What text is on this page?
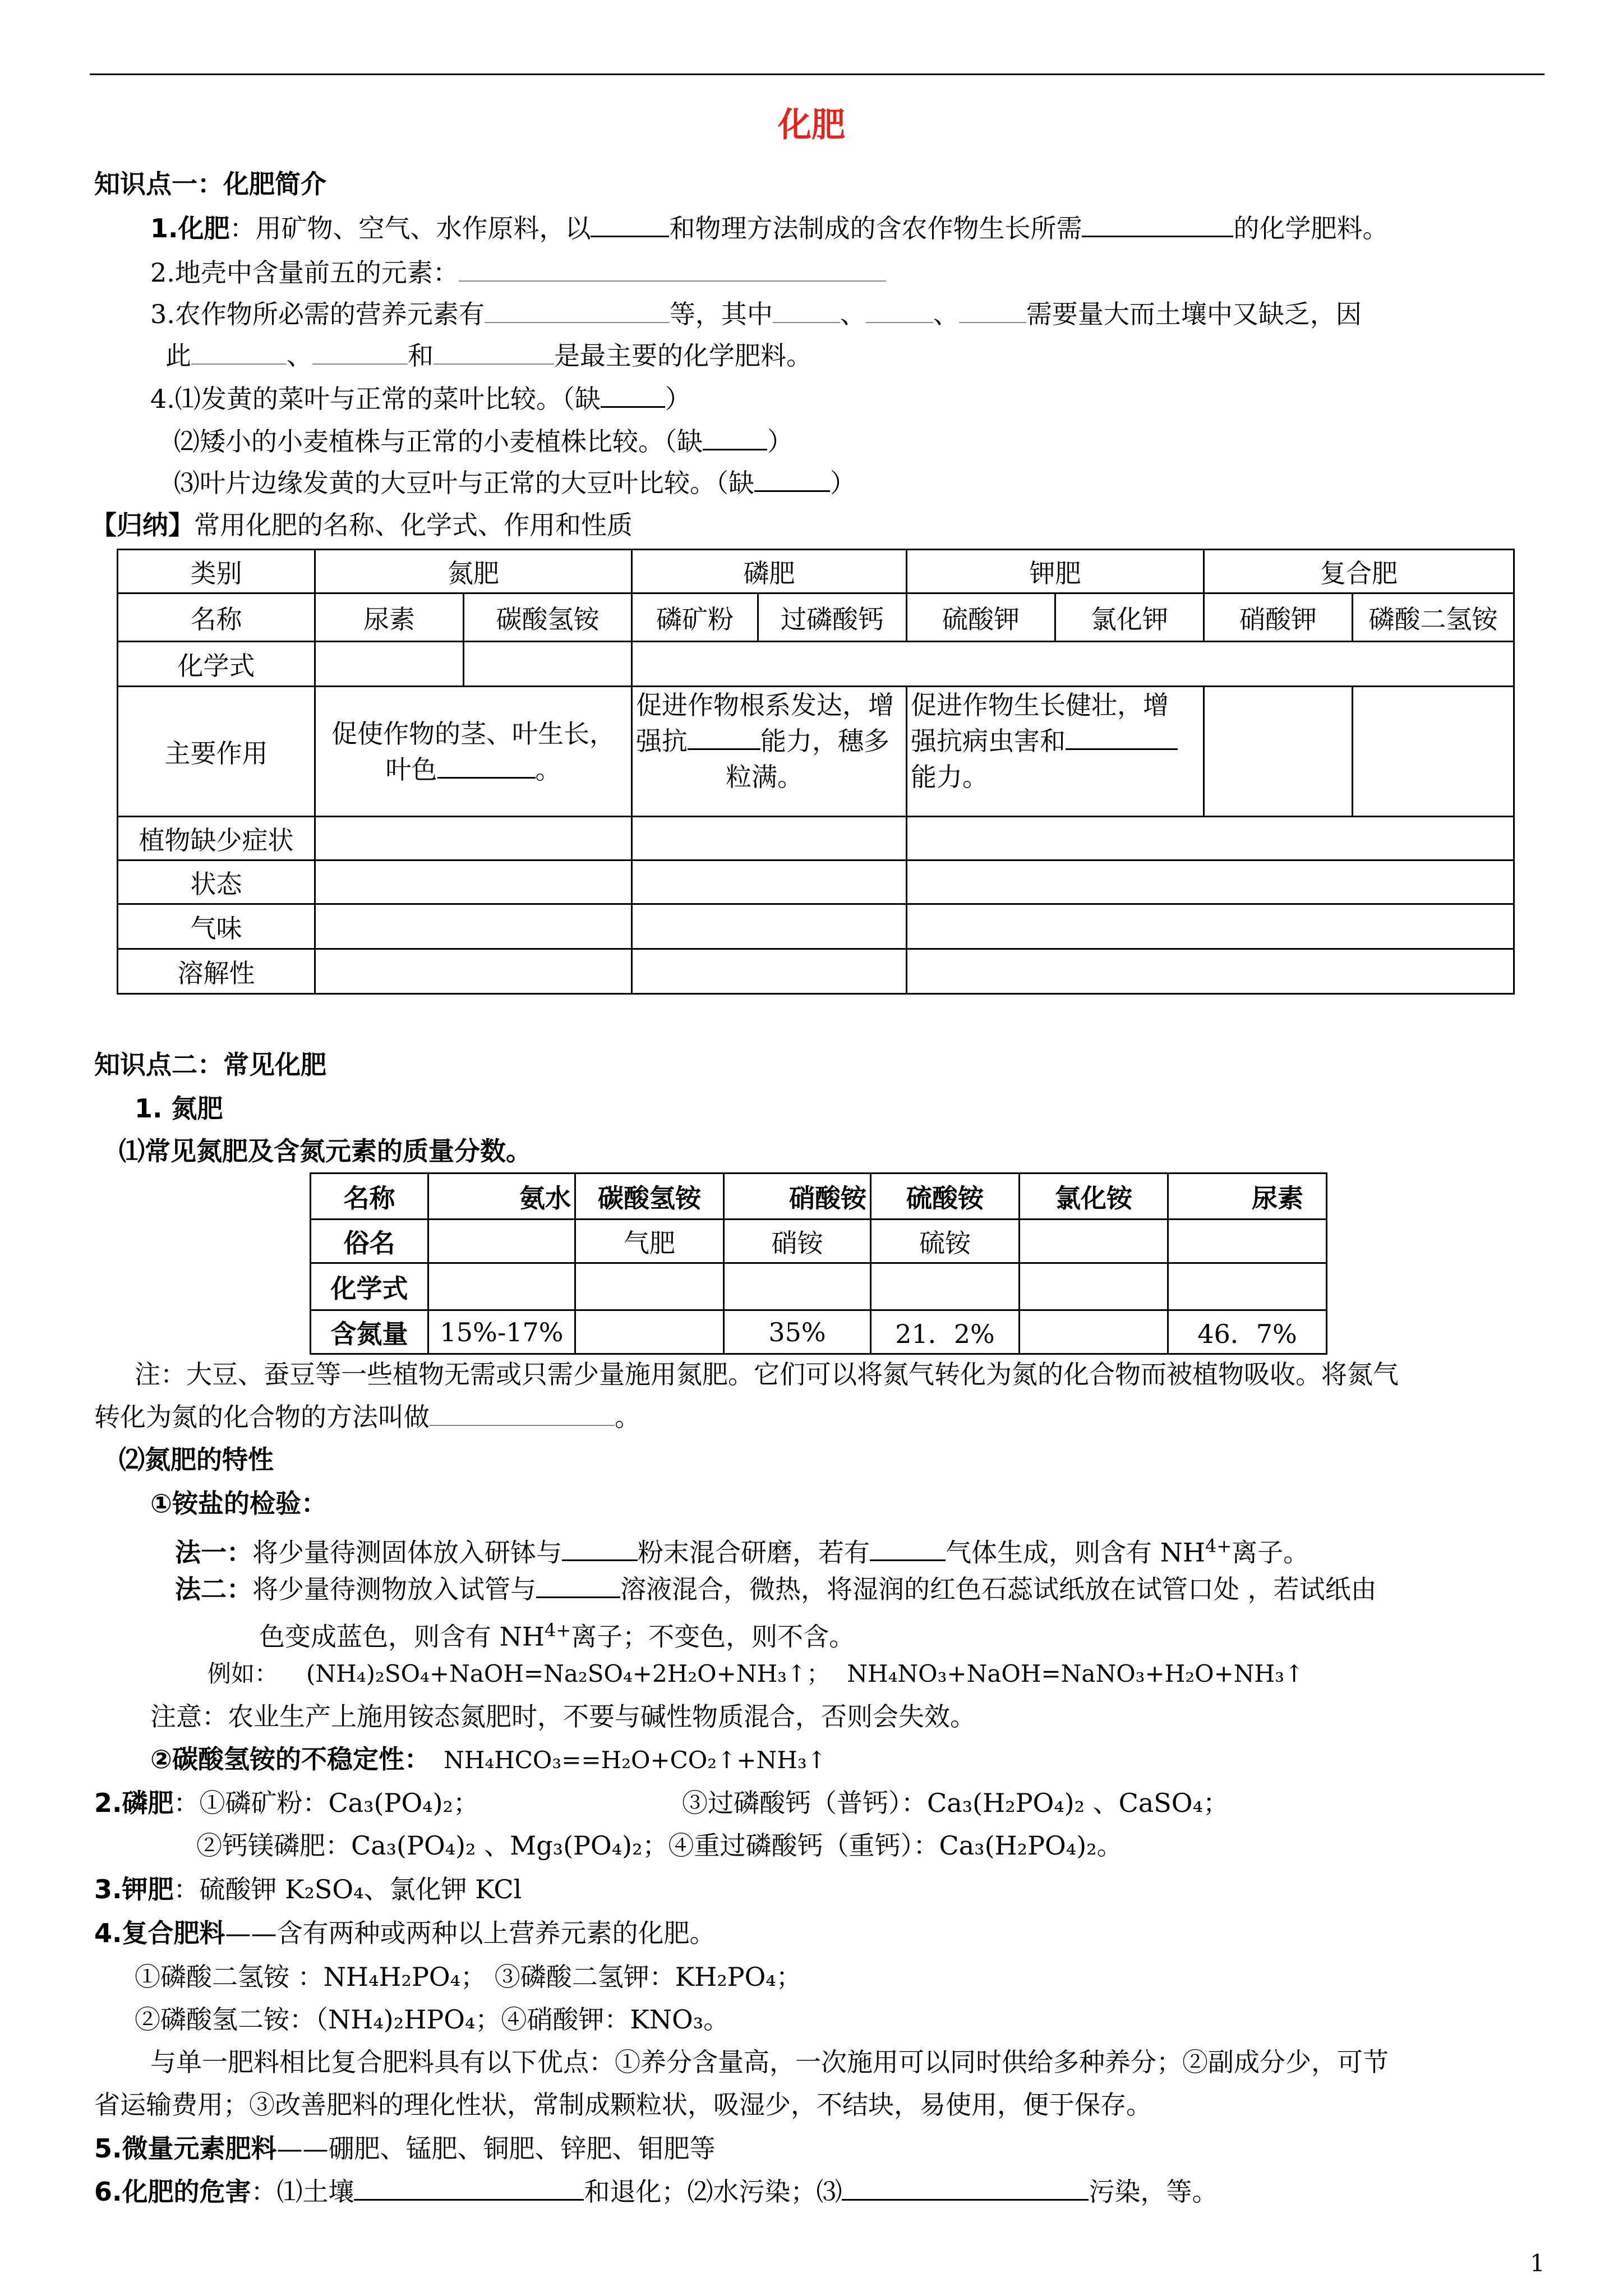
化肥
知识点一：化肥简介
1.化肥：用矿物、空气、水作原料，以	和物理方法制成的含农作物生长所需	的化学肥料。
2.地壳中含量前五的元素：
3.农作物所必需的营养元素有	等，其中	、	、	需要量大而土壤中又缺乏，因
此	、	和	是最主要的化学肥料。
4.⑴发黄的菜叶与正常的菜叶比较。（缺	）
⑵矮小的小麦植株与正常的小麦植株比较。（缺	）
⑶叶片边缘发黄的大豆叶与正常的大豆叶比较。（缺	）
【归纳】常用化肥的名称、化学式、作用和性质
类别	氮肥		磷肥		钾肥		复合肥		
名称	尿素	碳酸氢铵	磷矿粉	过磷酸钙	硫酸钾	氯化钾	硝酸钾	磷酸二氢铵	
化学式									
主要作用	促使作物的茎、叶生长，
叶色 。		促进作物根系发达，增
强抗 能力，穗多
粒满。		促进作物生长健壮，增
强抗病虫害和
能力。				
植物缺少症状									
状态									
气味									
溶解性									
知识点二：常见化肥
1. 氮肥
⑴常见氮肥及含氮元素的质量分数。
名称	氨水	碳酸氢铵	硝酸铵	硫酸铵	氯化铵	尿素
俗名		气肥	硝铵	硫铵		
化学式						
含氮量	15%-17%		35%	21．2%		46．7%
注：大豆、蚕豆等一些植物无需或只需少量施用氮肥。它们可以将氮气转化为氮的化合物而被植物吸收。将氮气
转化为氮的化合物的方法叫做	。
⑵氮肥的特性
①铵盐的检验：
法一：将少量待测固体放入研钵与	粉末混合研磨，若有	气体生成，则含有 $NH^{4+}$离子。
法二：将少量待测物放入试管与	溶液混合，微热，将湿润的红色石蕊试纸放在试管口处 ，若试纸由
色变成蓝色，则含有 $NH^{4+}$离子；不变色，则不含。
例如： (NH₄)₂SO₄+NaOH=Na₂SO₄+2H₂O+NH₃↑； NH₄NO₃+NaOH=NaNO₃+H₂O+NH₃↑
注意：农业生产上施用铵态氮肥时，不要与碱性物质混合，否则会失效。
②碳酸氢铵的不稳定性： NH₄HCO₃==H₂O+CO₂↑+NH₃↑
2.磷肥：①磷矿粉：Ca₃(PO₄)₂；	③过磷酸钙（普钙）：Ca₃(H₂PO₄)₂ 、CaSO₄；
②钙镁磷肥：Ca₃(PO₄)₂ 、Mg₃(PO₄)₂；④重过磷酸钙（重钙）：Ca₃(H₂PO₄)₂。
3.钾肥：硫酸钾 K₂SO₄、氯化钾 KCl
4.复合肥料——含有两种或两种以上营养元素的化肥。
①磷酸二氢铵 ：NH₄H₂PO₄； ③磷酸二氢钾：KH₂PO₄；
②磷酸氢二铵：（NH₄)₂HPO₄；④硝酸钾：KNO₃。
与单一肥料相比复合肥料具有以下优点：①养分含量高，一次施用可以同时供给多种养分；②副成分少，可节
省运输费用；③改善肥料的理化性状，常制成颗粒状，吸湿少，不结块，易使用，便于保存。
5.微量元素肥料——硼肥、锰肥、铜肥、锌肥、钼肥等
6.化肥的危害：⑴土壤	和退化；⑵水污染；⑶	污染，等。
1
